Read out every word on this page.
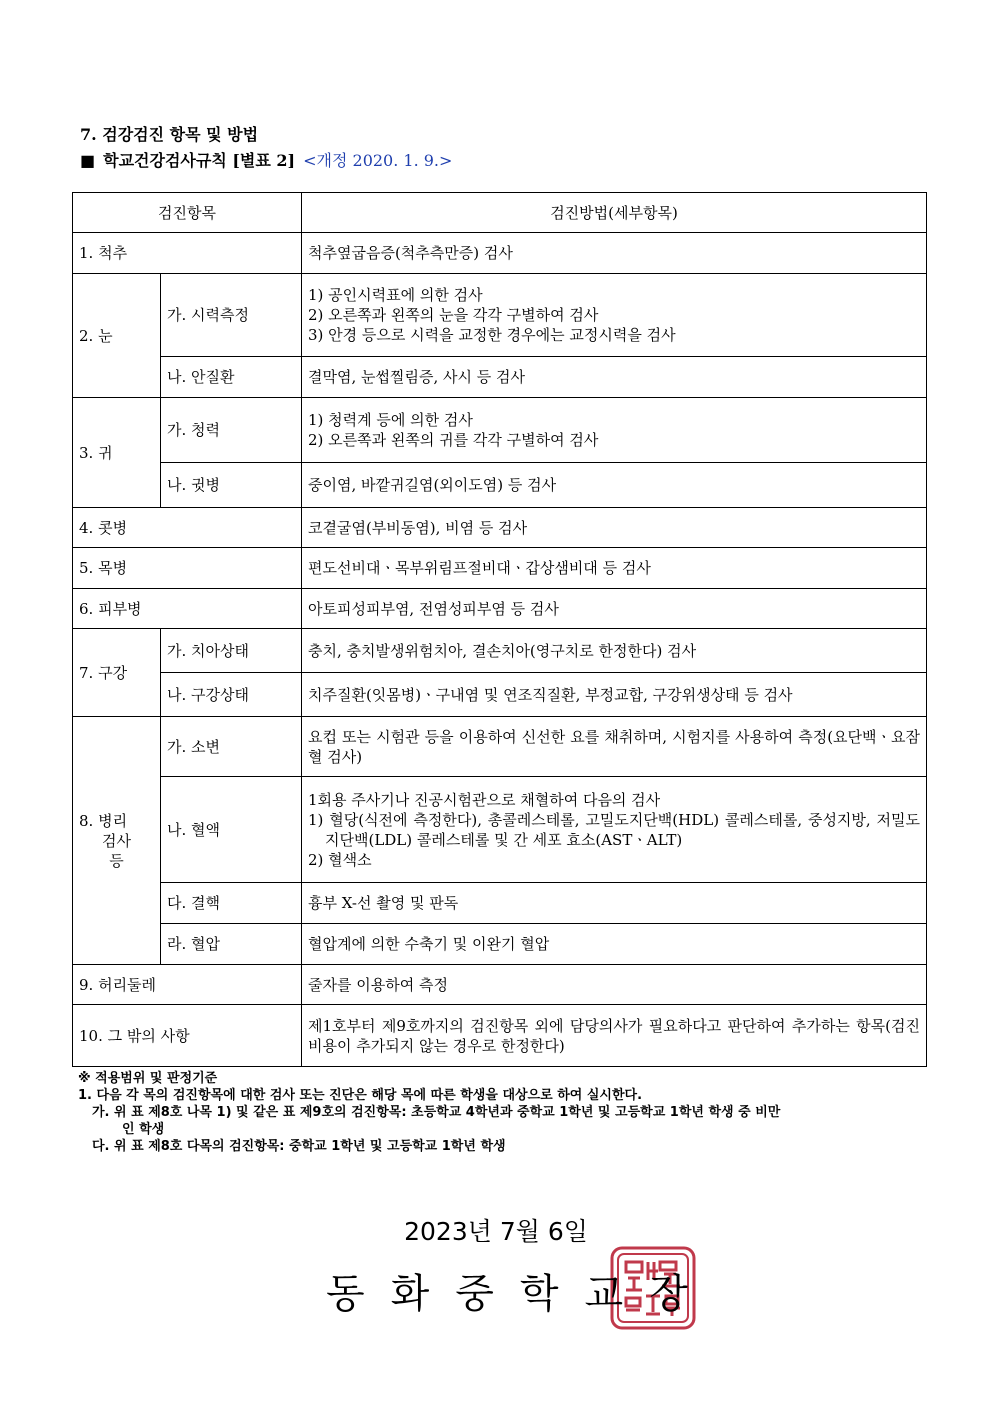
7. 검강검진 항목 및 방법
■ 학교건강검사규칙 [별표 2] <개정 2020. 1. 9.>
검진항목		검진방법(세부항목)
1. 척추		척추옆굽음증(척추측만증) 검사
2. 눈	가. 시력측정	1) 공인시력표에 의한 검사
2) 오른쪽과 왼쪽의 눈을 각각 구별하여 검사
3) 안경 등으로 시력을 교정한 경우에는 교정시력을 검사

	나. 안질환	결막염, 눈썹찔림증, 사시 등 검사
3. 귀	가. 청력	1) 청력계 등에 의한 검사
2) 오른쪽과 왼쪽의 귀를 각각 구별하여 검사

	나. 귓병	중이염, 바깥귀길염(외이도염) 등 검사
4. 콧병		코곁굴염(부비동염), 비염 등 검사
5. 목병		편도선비대ㆍ목부위림프절비대ㆍ갑상샘비대 등 검사
6. 피부병		아토피성피부염, 전염성피부염 등 검사
7. 구강	가. 치아상태	충치, 충치발생위험치아, 결손치아(영구치로 한정한다) 검사
	나. 구강상태	치주질환(잇몸병)ㆍ구내염 및 연조직질환, 부정교합, 구강위생상태 등 검사

8. 병리
검사
등	가. 소변	요컵 또는 시험관 등을 이용하여 신선한 요를 채취하며, 시험지를 사용하여 측정(요단백ㆍ요잠혈 검사)
	나. 혈액	1회용 주사기나 진공시험관으로 채혈하여 다음의 검사
1) 혈당(식전에 측정한다), 총콜레스테롤, 고밀도지단백(HDL) 콜레스테롤, 중성지방, 저밀도지단백(LDL) 콜레스테롤 및 간 세포 효소(ASTㆍALT)
2) 혈색소

	다. 결핵	흉부 X-선 촬영 및 판독
	라. 혈압	혈압계에 의한 수축기 및 이완기 혈압
9. 허리둘레		줄자를 이용하여 측정
10. 그 밖의 사항		제1호부터 제9호까지의 검진항목 외에 담당의사가 필요하다고 판단하여 추가하는 항목(검진비용이 추가되지 않는 경우로 한정한다)
※ 적용범위 및 판정기준
1. 다음 각 목의 검진항목에 대한 검사 또는 진단은 해당 목에 따른 학생을 대상으로 하여 실시한다.
가. 위 표 제8호 나목 1) 및 같은 표 제9호의 검진항목: 초등학교 4학년과 중학교 1학년 및 고등학교 1학년 학생 중 비만
인 학생
다. 위 표 제8호 다목의 검진항목: 중학교 1학년 및 고등학교 1학년 학생
2023년 7월 6일
동화중학교장
